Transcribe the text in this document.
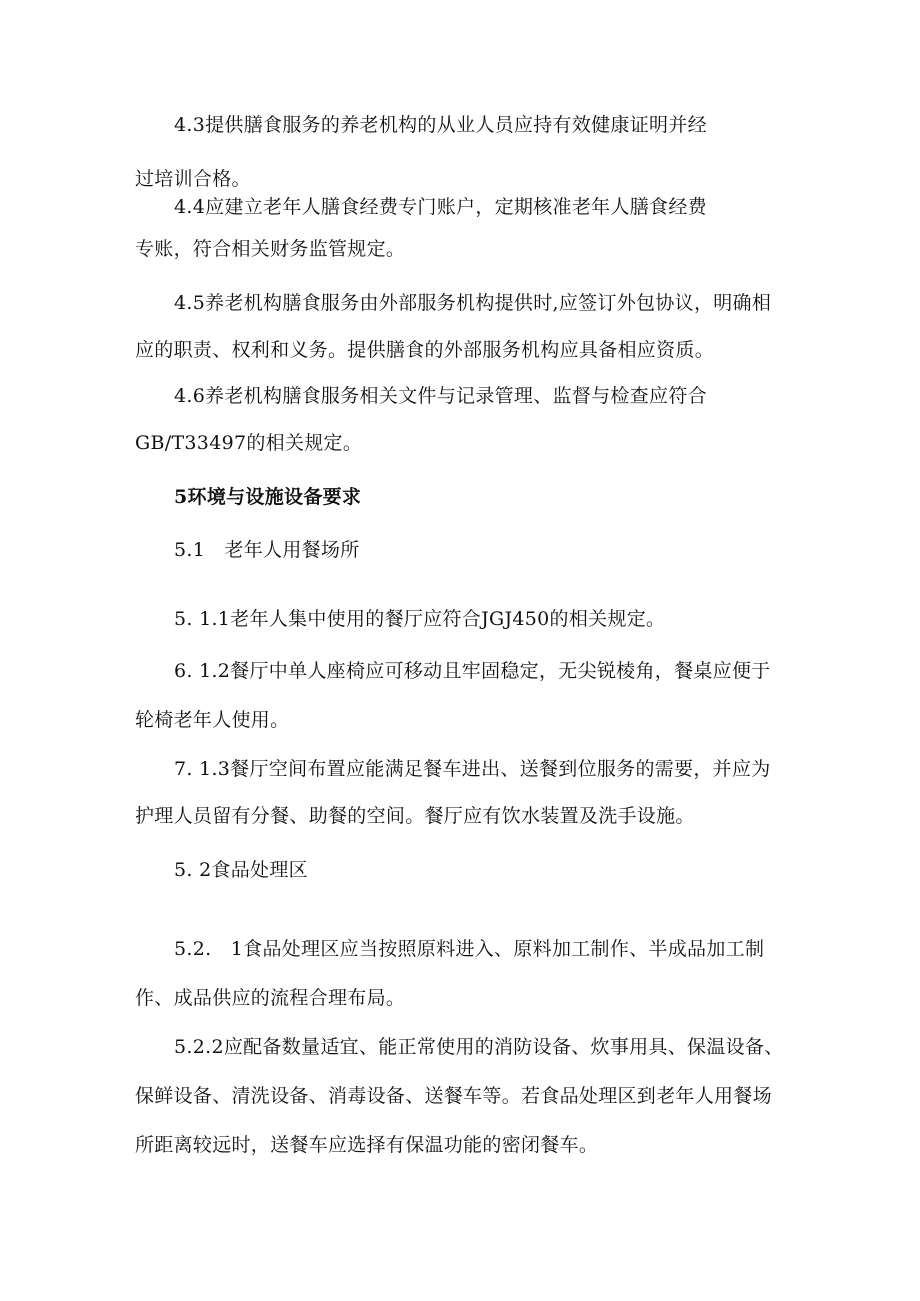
4.3提供膳食服务的养老机构的从业人员应持有效健康证明并经
过培训合格。
4.4应建立老年人膳食经费专门账户，定期核准老年人膳食经费
专账，符合相关财务监管规定。
4.5养老机构膳食服务由外部服务机构提供时,应签订外包协议，明确相
应的职责、权利和义务。提供膳食的外部服务机构应具备相应资质。
4.6养老机构膳食服务相关文件与记录管理、监督与检查应符合
GB/T33497的相关规定。
5环境与设施设备要求
5.1　老年人用餐场所
5. 1.1老年人集中使用的餐厅应符合JGJ450的相关规定。
6. 1.2餐厅中单人座椅应可移动且牢固稳定，无尖锐棱角，餐桌应便于
轮椅老年人使用。
7. 1.3餐厅空间布置应能满足餐车进出、送餐到位服务的需要，并应为
护理人员留有分餐、助餐的空间。餐厅应有饮水装置及洗手设施。
5. 2食品处理区
5.2.　1食品处理区应当按照原料进入、原料加工制作、半成品加工制
作、成品供应的流程合理布局。
5.2.2应配备数量适宜、能正常使用的消防设备、炊事用具、保温设备、
保鲜设备、清洗设备、消毒设备、送餐车等。若食品处理区到老年人用餐场
所距离较远时，送餐车应选择有保温功能的密闭餐车。
